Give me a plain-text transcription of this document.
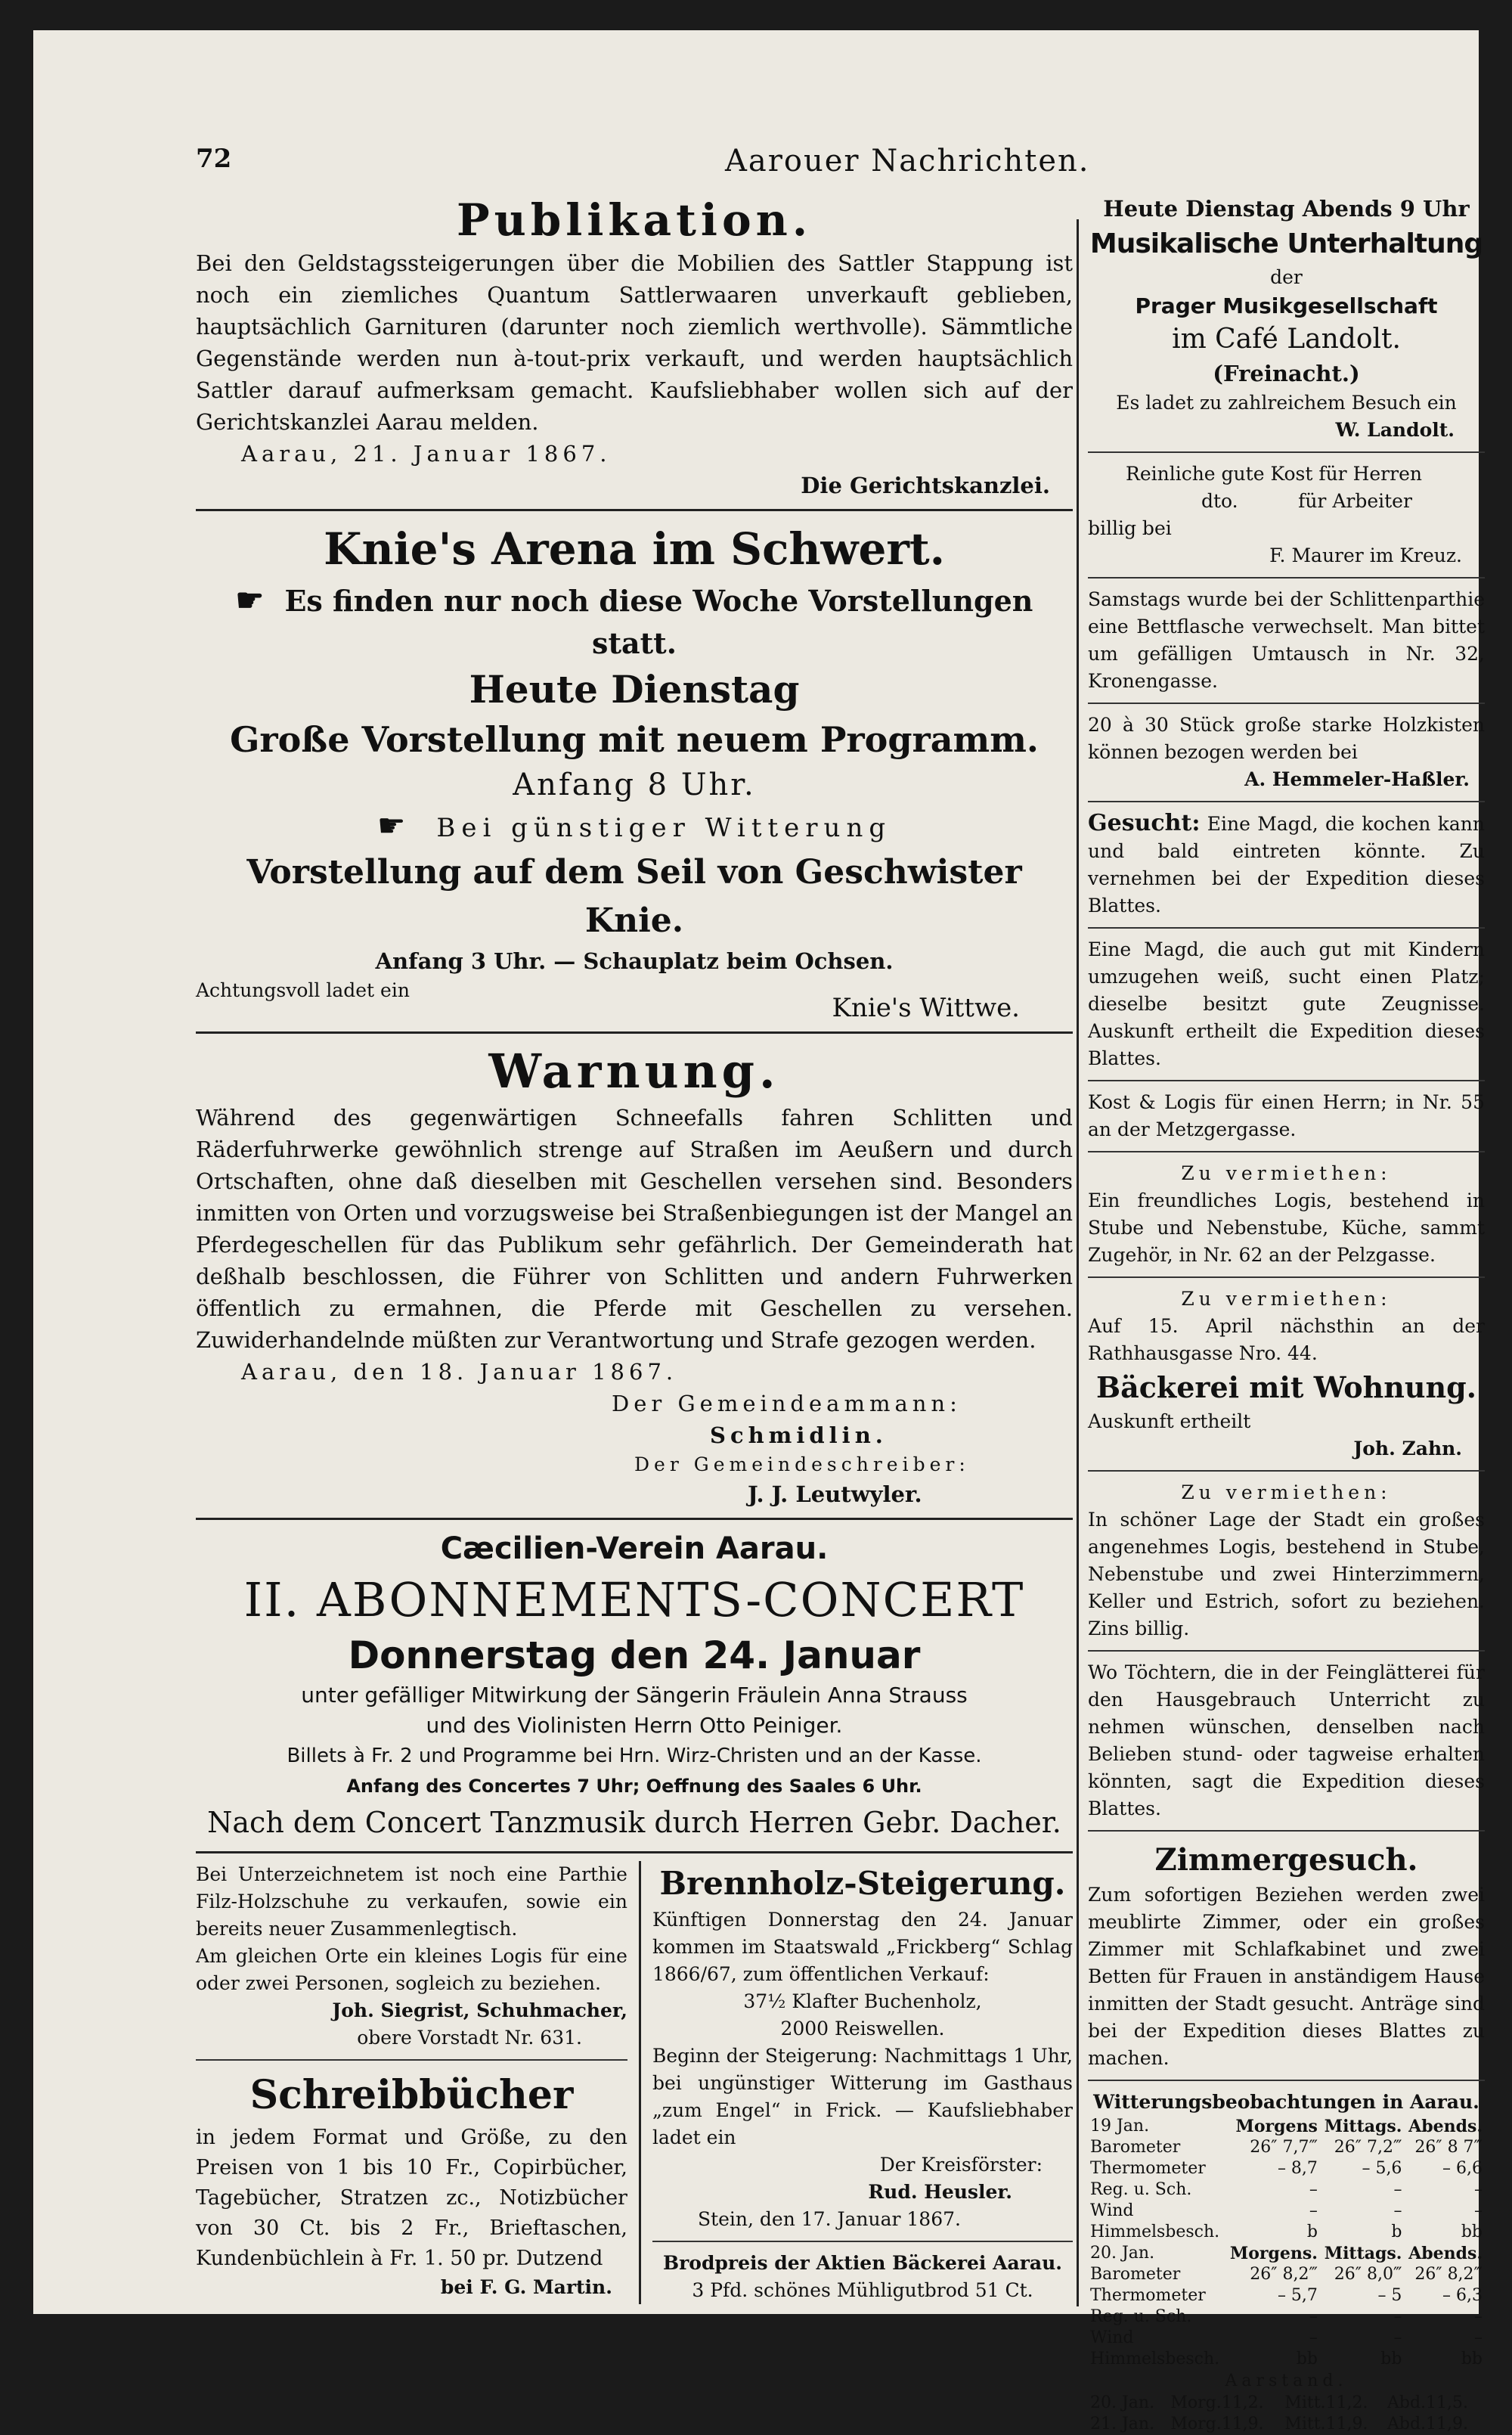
72	Aarouer Nachrichten.

Publikation.

Bei den Geldstagssteigerungen über die Mobilien des Sattler Stappung ist noch ein ziemliches Quantum Sattlerwaaren unverkauft geblieben, hauptsächlich Garnituren (darunter noch ziemlich werthvolle). Sämmtliche Gegenstände werden nun à-tout-prix verkauft, und werden hauptsächlich Sattler darauf aufmerksam gemacht. Kaufsliebhaber wollen sich auf der Gerichtskanzlei Aarau melden.

Aarau, 21. Januar 1867.

Die Gerichtskanzlei.

Knie's Arena im Schwert.

☛ Es finden nur noch diese Woche Vorstellungen statt.

Heute Dienstag

Große Vorstellung mit neuem Programm.

Anfang 8 Uhr.

☛ Bei günstiger Witterung

Vorstellung auf dem Seil von Geschwister Knie.

Anfang 3 Uhr. — Schauplatz beim Ochsen.

Achtungsvoll ladet ein
Knie's Wittwe.

Warnung.

Während des gegenwärtigen Schneefalls fahren Schlitten und Räderfuhrwerke gewöhnlich strenge auf Straßen im Aeußern und durch Ortschaften, ohne daß dieselben mit Geschellen versehen sind. Besonders inmitten von Orten und vorzugsweise bei Straßenbiegungen ist der Mangel an Pferdegeschellen für das Publikum sehr gefährlich. Der Gemeinderath hat deßhalb beschlossen, die Führer von Schlitten und andern Fuhrwerken öffentlich zu ermahnen, die Pferde mit Geschellen zu versehen. Zuwiderhandelnde müßten zur Verantwortung und Strafe gezogen werden.

Aarau, den 18. Januar 1867.

Der Gemeindeammann:

Schmidlin.

Der Gemeindeschreiber:

J. J. Leutwyler.

Cæcilien-Verein Aarau.

II. ABONNEMENTS-CONCERT

Donnerstag den 24. Januar

unter gefälliger Mitwirkung der Sängerin Fräulein Anna Strauss

und des Violinisten Herrn Otto Peiniger.

Billets à Fr. 2 und Programme bei Hrn. Wirz-Christen und an der Kasse.

Anfang des Concertes 7 Uhr; Oeffnung des Saales 6 Uhr.

Nach dem Concert Tanzmusik durch Herren Gebr. Dacher.

Bei Unterzeichnetem ist noch eine Parthie Filz-Holzschuhe zu verkaufen, sowie ein bereits neuer Zusammenlegtisch.

Am gleichen Orte ein kleines Logis für eine oder zwei Personen, sogleich zu beziehen.

Joh. Siegrist, Schuhmacher,

obere Vorstadt Nr. 631.

Schreibbücher

in jedem Format und Größe, zu den Preisen von 1 bis 10 Fr., Copirbücher, Tagebücher, Stratzen zc., Notizbücher von 30 Ct. bis 2 Fr., Brieftaschen, Kundenbüchlein à Fr. 1. 50 pr. Dutzend

bei F. G. Martin.

Brennholz-Steigerung.

Künftigen Donnerstag den 24. Januar kommen im Staatswald „Frickberg“ Schlag 1866/67, zum öffentlichen Verkauf:

37½ Klafter Buchenholz,

2000 Reiswellen.

Beginn der Steigerung: Nachmittags 1 Uhr, bei ungünstiger Witterung im Gasthaus „zum Engel“ in Frick. — Kaufsliebhaber ladet ein

Der Kreisförster:

Rud. Heusler.

Stein, den 17. Januar 1867.

Brodpreis der Aktien Bäckerei Aarau.

3 Pfd. schönes Mühligutbrod 51 Ct.

Heute Dienstag Abends 9 Uhr

Musikalische Unterhaltung

der

Prager Musikgesellschaft

im Café Landolt.

(Freinacht.)

Es ladet zu zahlreichem Besuch ein

W. Landolt.

Reinliche gute Kost für Herren

dto.          für Arbeiter

billig bei

F. Maurer im Kreuz.

Samstags wurde bei der Schlittenparthie eine Bettflasche verwechselt. Man bittet um gefälligen Umtausch in Nr. 32, Kronengasse.

20 à 30 Stück große starke Holzkisten können bezogen werden bei

A. Hemmeler-Haßler.

Gesucht: Eine Magd, die kochen kann und bald eintreten könnte. Zu vernehmen bei der Expedition dieses Blattes.

Eine Magd, die auch gut mit Kindern umzugehen weiß, sucht einen Platz; dieselbe besitzt gute Zeugnisse. Auskunft ertheilt die Expedition dieses Blattes.

Kost & Logis für einen Herrn; in Nr. 55 an der Metzgergasse.

Zu vermiethen:

Ein freundliches Logis, bestehend in Stube und Nebenstube, Küche, sammt Zugehör, in Nr. 62 an der Pelzgasse.

Zu vermiethen:

Auf 15. April nächsthin an der Rathhausgasse Nro. 44.

Bäckerei mit Wohnung.

Auskunft ertheilt

Joh. Zahn.

Zu vermiethen:

In schöner Lage der Stadt ein großes angenehmes Logis, bestehend in Stube, Nebenstube und zwei Hinterzimmern, Keller und Estrich, sofort zu beziehen. Zins billig.

Wo Töchtern, die in der Feinglätterei für den Hausgebrauch Unterricht zu nehmen wünschen, denselben nach Belieben stund- oder tagweise erhalten könnten, sagt die Expedition dieses Blattes.

Zimmergesuch.

Zum sofortigen Beziehen werden zwei meublirte Zimmer, oder ein großes Zimmer mit Schlafkabinet und zwei Betten für Frauen in anständigem Hause inmitten der Stadt gesucht. Anträge sind bei der Expedition dieses Blattes zu machen.

Witterungsbeobachtungen in Aarau.

19 Jan.	Morgens	Mittags.	Abends.
Barometer	26″ 7,7‴	26″ 7,2‴	26″ 8 7‴
Thermometer	– 8,7	– 5,6	– 6,6
Reg. u. Sch.	–	–	–
Wind	–	–	–
Himmelsbesch.	b	b	bb
20. Jan.	Morgens.	Mittags.	Abends.
Barometer	26″ 8,2‴	26″ 8,0‴	26″ 8,2‴
Thermometer	– 5,7	– 5	– 6,3
Reg. u. Sch.	–	–	–
Wind	–	–	–
Himmelsbesch.	bb	bb	bb

Aarstand.

20. Jan.	Morg.11,2.	Mitt.11,2.	Abd.11,5.
21. Jan.	Morg.11,9.	Mitt.11,9.	Abd.11,9.
